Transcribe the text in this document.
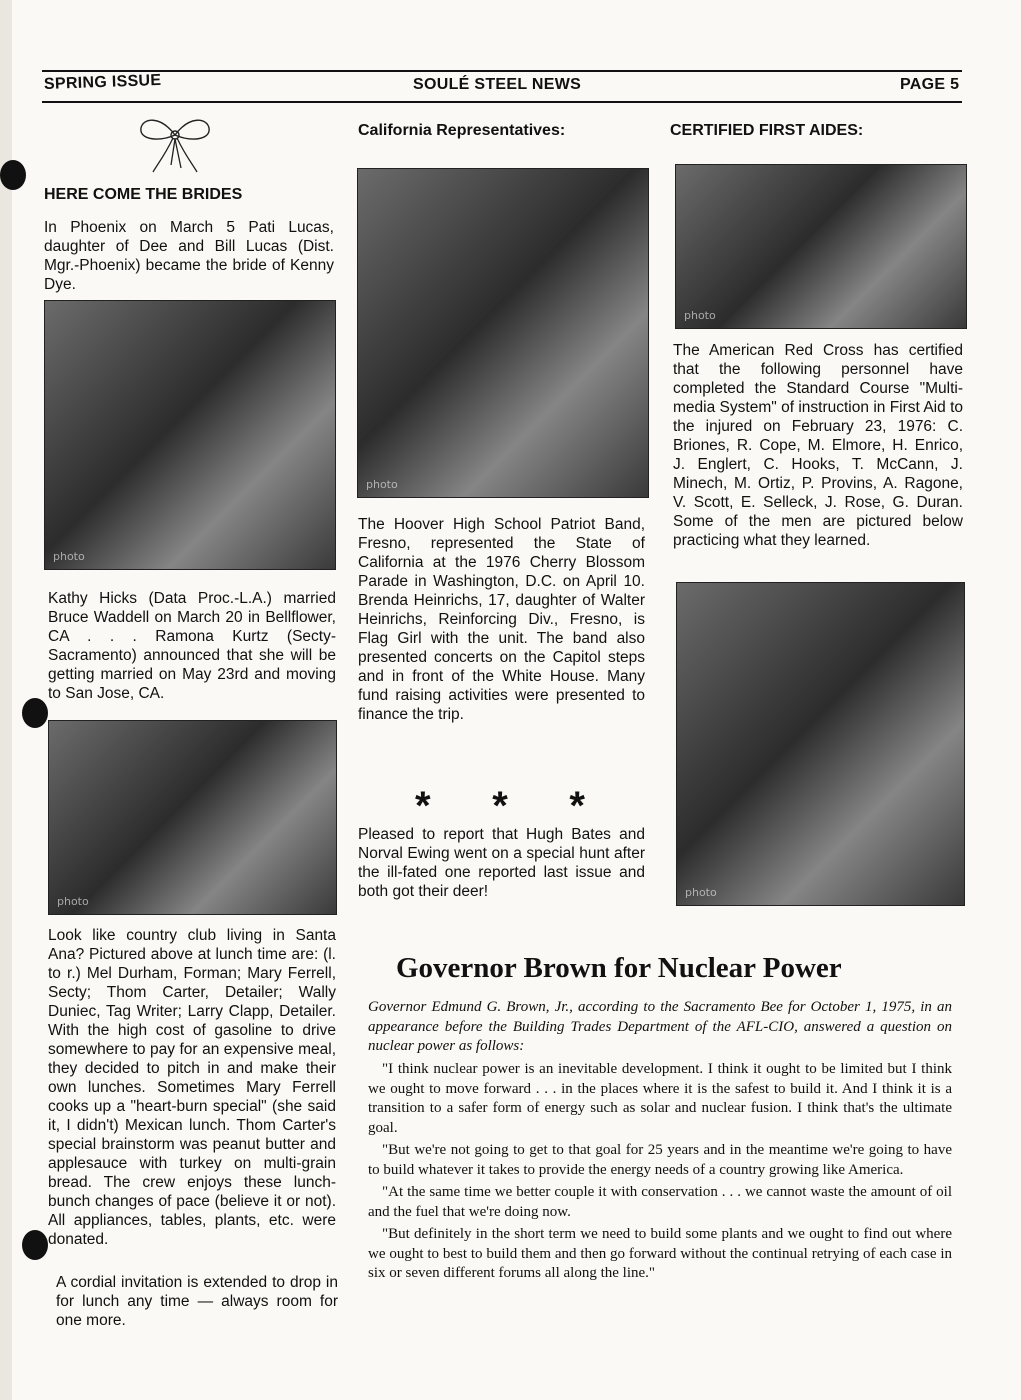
SPRING ISSUE	SOULÉ STEEL NEWS	PAGE 5
HERE COME THE BRIDES
In Phoenix on March 5 Pati Lucas, daughter of Dee and Bill Lucas (Dist. Mgr.-Phoenix) became the bride of Kenny Dye.
photo
Kathy Hicks (Data Proc.-L.A.) married Bruce Waddell on March 20 in Bellflower, CA . . . Ramona Kurtz (Secty-Sacramento) announced that she will be getting married on May 23rd and moving to San Jose, CA.
photo
Look like country club living in Santa Ana? Pictured above at lunch time are: (l. to r.) Mel Durham, Forman; Mary Ferrell, Secty; Thom Carter, Detailer; Wally Duniec, Tag Writer; Larry Clapp, Detailer. With the high cost of gasoline to drive somewhere to pay for an expensive meal, they decided to pitch in and make their own lunches. Sometimes Mary Ferrell cooks up a "heart-burn special" (she said it, I didn't) Mexican lunch. Thom Carter's special brainstorm was peanut butter and applesauce with turkey on multi-grain bread. The crew enjoys these lunch-bunch changes of pace (believe it or not). All appliances, tables, plants, etc. were donated.
A cordial invitation is extended to drop in for lunch any time — always room for one more.
California Representatives:
photo
The Hoover High School Patriot Band, Fresno, represented the State of California at the 1976 Cherry Blossom Parade in Washington, D.C. on April 10. Brenda Heinrichs, 17, daughter of Walter Heinrichs, Reinforcing Div., Fresno, is Flag Girl with the unit. The band also presented concerts on the Capitol steps and in front of the White House. Many fund raising activities were presented to finance the trip.
* * *
Pleased to report that Hugh Bates and Norval Ewing went on a special hunt after the ill-fated one reported last issue and both got their deer!
CERTIFIED FIRST AIDES:
photo
The American Red Cross has certified that the following personnel have completed the Standard Course "Multi-media System" of instruction in First Aid to the injured on February 23, 1976: C. Briones, R. Cope, M. Elmore, H. Enrico, J. Englert, C. Hooks, T. McCann, J. Minech, M. Ortiz, P. Provins, A. Ragone, V. Scott, E. Selleck, J. Rose, G. Duran. Some of the men are pictured below practicing what they learned.
photo
Governor Brown for Nuclear Power
Governor Edmund G. Brown, Jr., according to the Sacramento Bee for October 1, 1975, in an appearance before the Building Trades Department of the AFL-CIO, answered a question on nuclear power as follows:

"I think nuclear power is an inevitable development. I think it ought to be limited but I think we ought to move forward . . . in the places where it is the safest to build it. And I think it is a transition to a safer form of energy such as solar and nuclear fusion. I think that's the ultimate goal.

"But we're not going to get to that goal for 25 years and in the meantime we're going to have to build whatever it takes to provide the energy needs of a country growing like America.

"At the same time we better couple it with conservation . . . we cannot waste the amount of oil and the fuel that we're doing now.

"But definitely in the short term we need to build some plants and we ought to find out where we ought to best to build them and then go forward without the continual retrying of each case in six or seven different forums all along the line."
